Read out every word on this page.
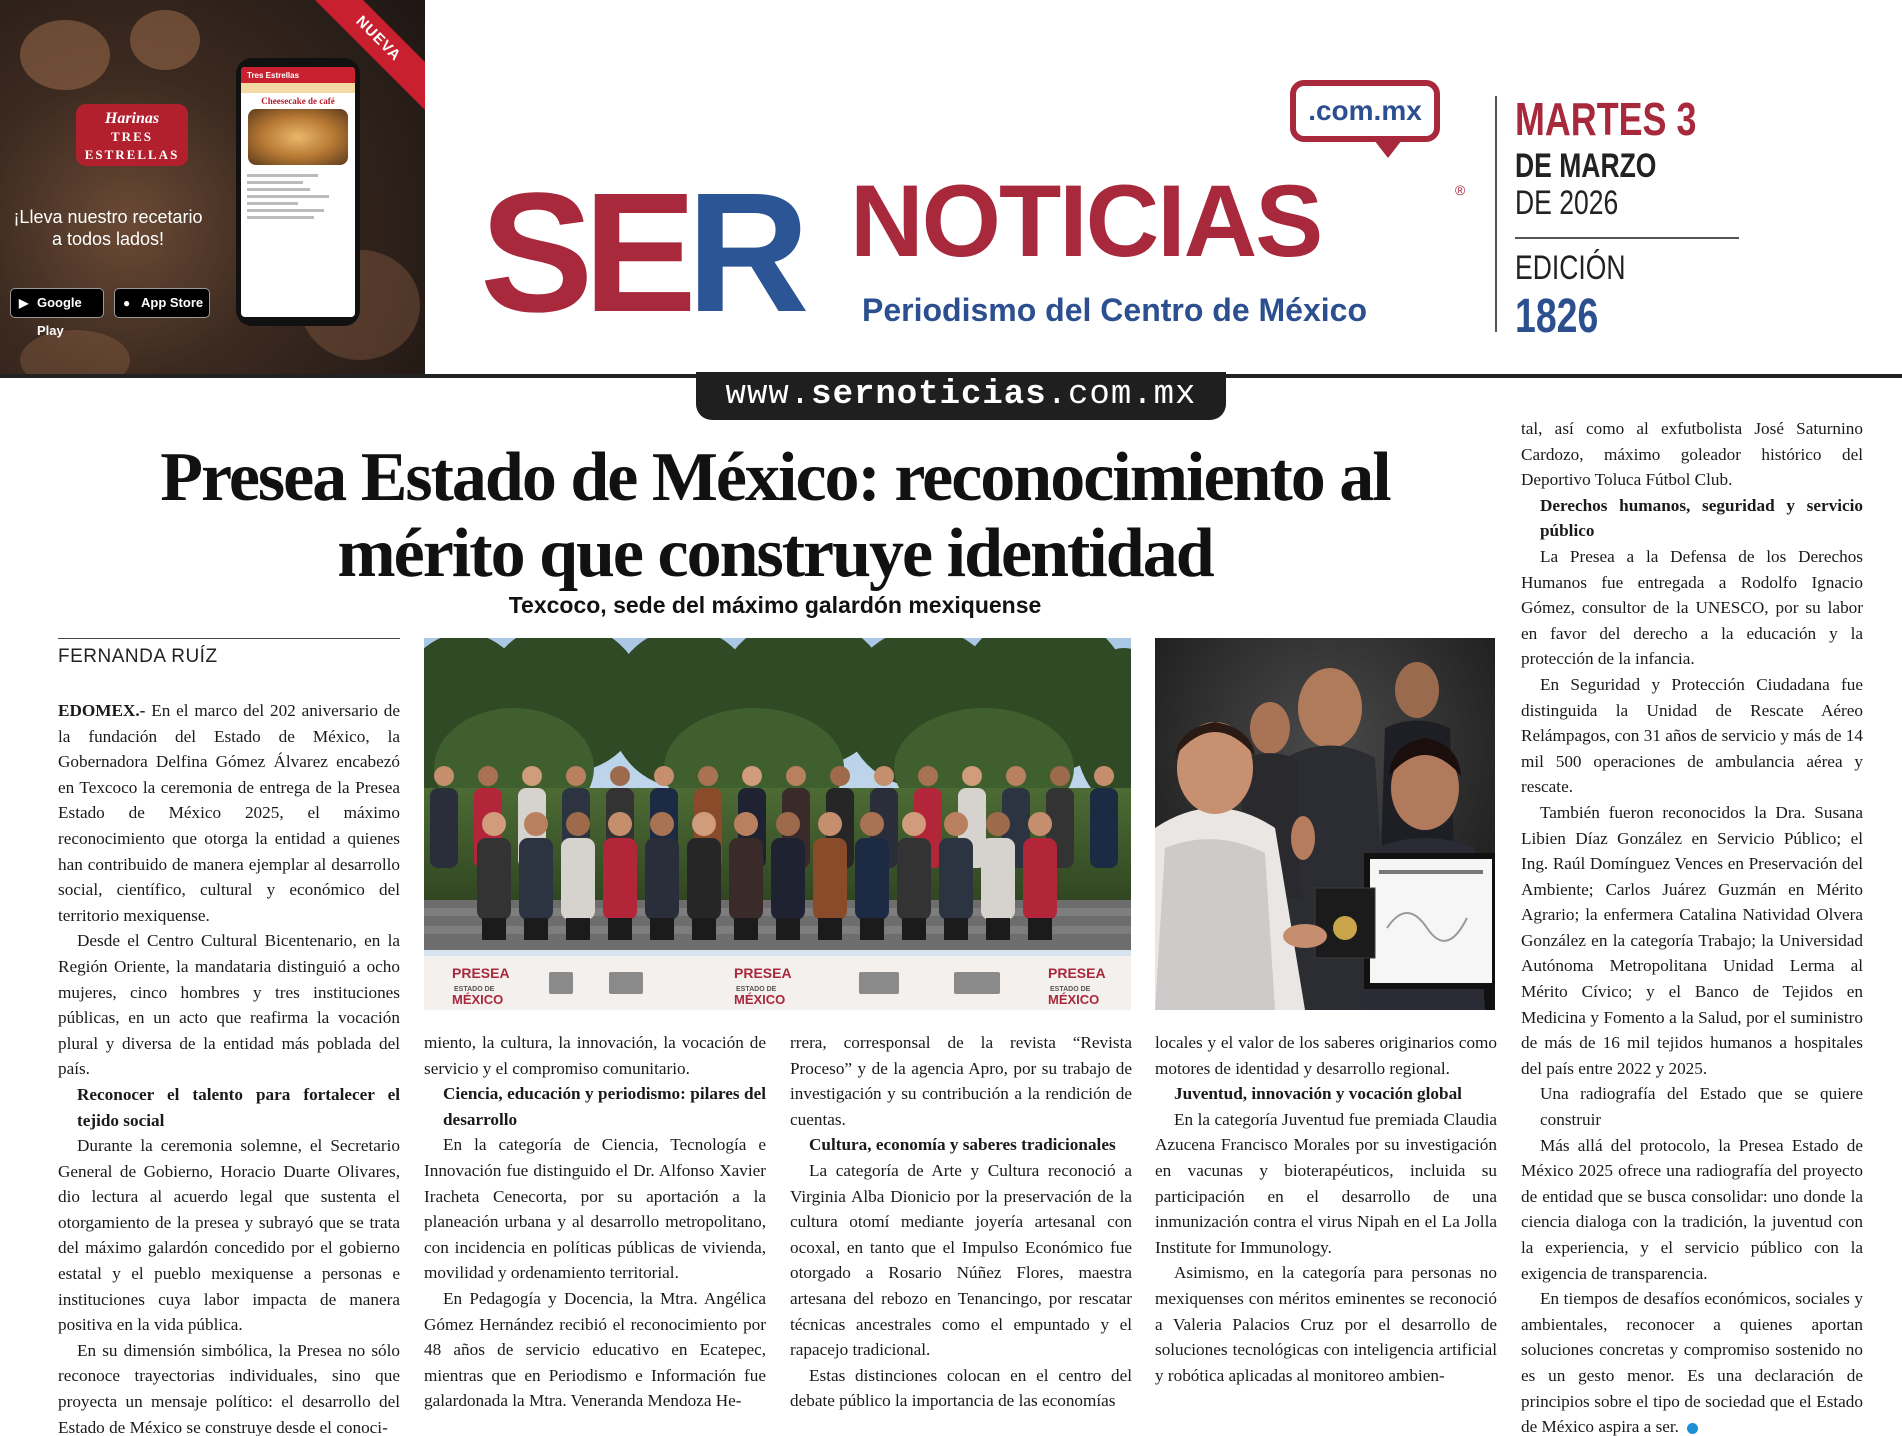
NUEVA
Harinas
TRES ESTRELLAS
¡Lleva nuestro recetario a todos lados!
▶ Google Play
● App Store
Tres Estrellas
Cheesecake de café	.com.mx
SER NOTICIAS	®
Periodismo del Centro de México
MARTES 3
DE MARZO
DE 2026
EDICIÓN
1826
www.sernoticias.com.mx
Presea Estado de México: reconocimiento al mérito que construye identidad
Texcoco, sede del máximo galardón mexiquense
FERNANDA RUÍZ

EDOMEX.- En el marco del 202 aniversario de la fundación del Estado de México, la Gobernadora Delfina Gómez Álvarez encabezó en Texcoco la ceremonia de entrega de la Presea Estado de México 2025, el máximo reconocimiento que otorga la entidad a quienes han contribuido de manera ejemplar al desarrollo social, científico, cultural y económico del territorio mexiquense.

Desde el Centro Cultural Bicentenario, en la Región Oriente, la mandataria distinguió a ocho mujeres, cinco hombres y tres instituciones públicas, en un acto que reafirma la vocación plural y diversa de la entidad más poblada del país.

Reconocer el talento para fortalecer el tejido social

Durante la ceremonia solemne, el Secretario General de Gobierno, Horacio Duarte Olivares, dio lectura al acuerdo legal que sustenta el otorgamiento de la presea y subrayó que se trata del máximo galardón concedido por el gobierno estatal y el pueblo mexiquense a personas e instituciones cuya labor impacta de manera positiva en la vida pública.

En su dimensión simbólica, la Presea no sólo reconoce trayectorias individuales, sino que proyecta un mensaje político: el desarrollo del Estado de México se construye desde el conoci-

PRESEA
ESTADO DE
MÉXICO
PRESEA
ESTADO DE
MÉXICO
PRESEA
ESTADO DE
MÉXICO

miento, la cultura, la innovación, la vocación de servicio y el compromiso comunitario.

Ciencia, educación y periodismo: pilares del desarrollo

En la categoría de Ciencia, Tecnología e Innovación fue distinguido el Dr. Alfonso Xavier Iracheta Cenecorta, por su aportación a la planeación urbana y al desarrollo metropolitano, con incidencia en políticas públicas de vivienda, movilidad y ordenamiento territorial.

En Pedagogía y Docencia, la Mtra. Angélica Gómez Hernández recibió el reconocimiento por 48 años de servicio educativo en Ecatepec, mientras que en Periodismo e Información fue galardonada la Mtra. Veneranda Mendoza He-

rrera, corresponsal de la revista “Revista Proceso” y de la agencia Apro, por su trabajo de investigación y su contribución a la rendición de cuentas.

Cultura, economía y saberes tradicionales

La categoría de Arte y Cultura reconoció a Virginia Alba Dionicio por la preservación de la cultura otomí mediante joyería artesanal con ocoxal, en tanto que el Impulso Económico fue otorgado a Rosario Núñez Flores, maestra artesana del rebozo en Tenancingo, por rescatar técnicas ancestrales como el empuntado y el rapacejo tradicional.

Estas distinciones colocan en el centro del debate público la importancia de las economías

locales y el valor de los saberes originarios como motores de identidad y desarrollo regional.

Juventud, innovación y vocación global

En la categoría Juventud fue premiada Claudia Azucena Francisco Morales por su investigación en vacunas y bioterapéuticos, incluida su participación en el desarrollo de una inmunización contra el virus Nipah en el La Jolla Institute for Immunology.

Asimismo, en la categoría para personas no mexiquenses con méritos eminentes se reconoció a Valeria Palacios Cruz por el desarrollo de soluciones tecnológicas con inteligencia artificial y robótica aplicadas al monitoreo ambien-

tal, así como al exfutbolista José Saturnino Cardozo, máximo goleador histórico del Deportivo Toluca Fútbol Club.

Derechos humanos, seguridad y servicio público

La Presea a la Defensa de los Derechos Humanos fue entregada a Rodolfo Ignacio Gómez, consultor de la UNESCO, por su labor en favor del derecho a la educación y la protección de la infancia.

En Seguridad y Protección Ciudadana fue distinguida la Unidad de Rescate Aéreo Relámpagos, con 31 años de servicio y más de 14 mil 500 operaciones de ambulancia aérea y rescate.

También fueron reconocidos la Dra. Susana Libien Díaz González en Servicio Público; el Ing. Raúl Domínguez Vences en Preservación del Ambiente; Carlos Juárez Guzmán en Mérito Agrario; la enfermera Catalina Natividad Olvera González en la categoría Trabajo; la Universidad Autónoma Metropolitana Unidad Lerma al Mérito Cívico; y el Banco de Tejidos en Medicina y Fomento a la Salud, por el suministro de más de 16 mil tejidos humanos a hospitales del país entre 2022 y 2025.

Una radiografía del Estado que se quiere construir

Más allá del protocolo, la Presea Estado de México 2025 ofrece una radiografía del proyecto de entidad que se busca consolidar: uno donde la ciencia dialoga con la tradición, la juventud con la experiencia, y el servicio público con la exigencia de transparencia.

En tiempos de desafíos económicos, sociales y ambientales, reconocer a quienes aportan soluciones concretas y compromiso sostenido no es un gesto menor. Es una declaración de principios sobre el tipo de sociedad que el Estado de México aspira a ser.
